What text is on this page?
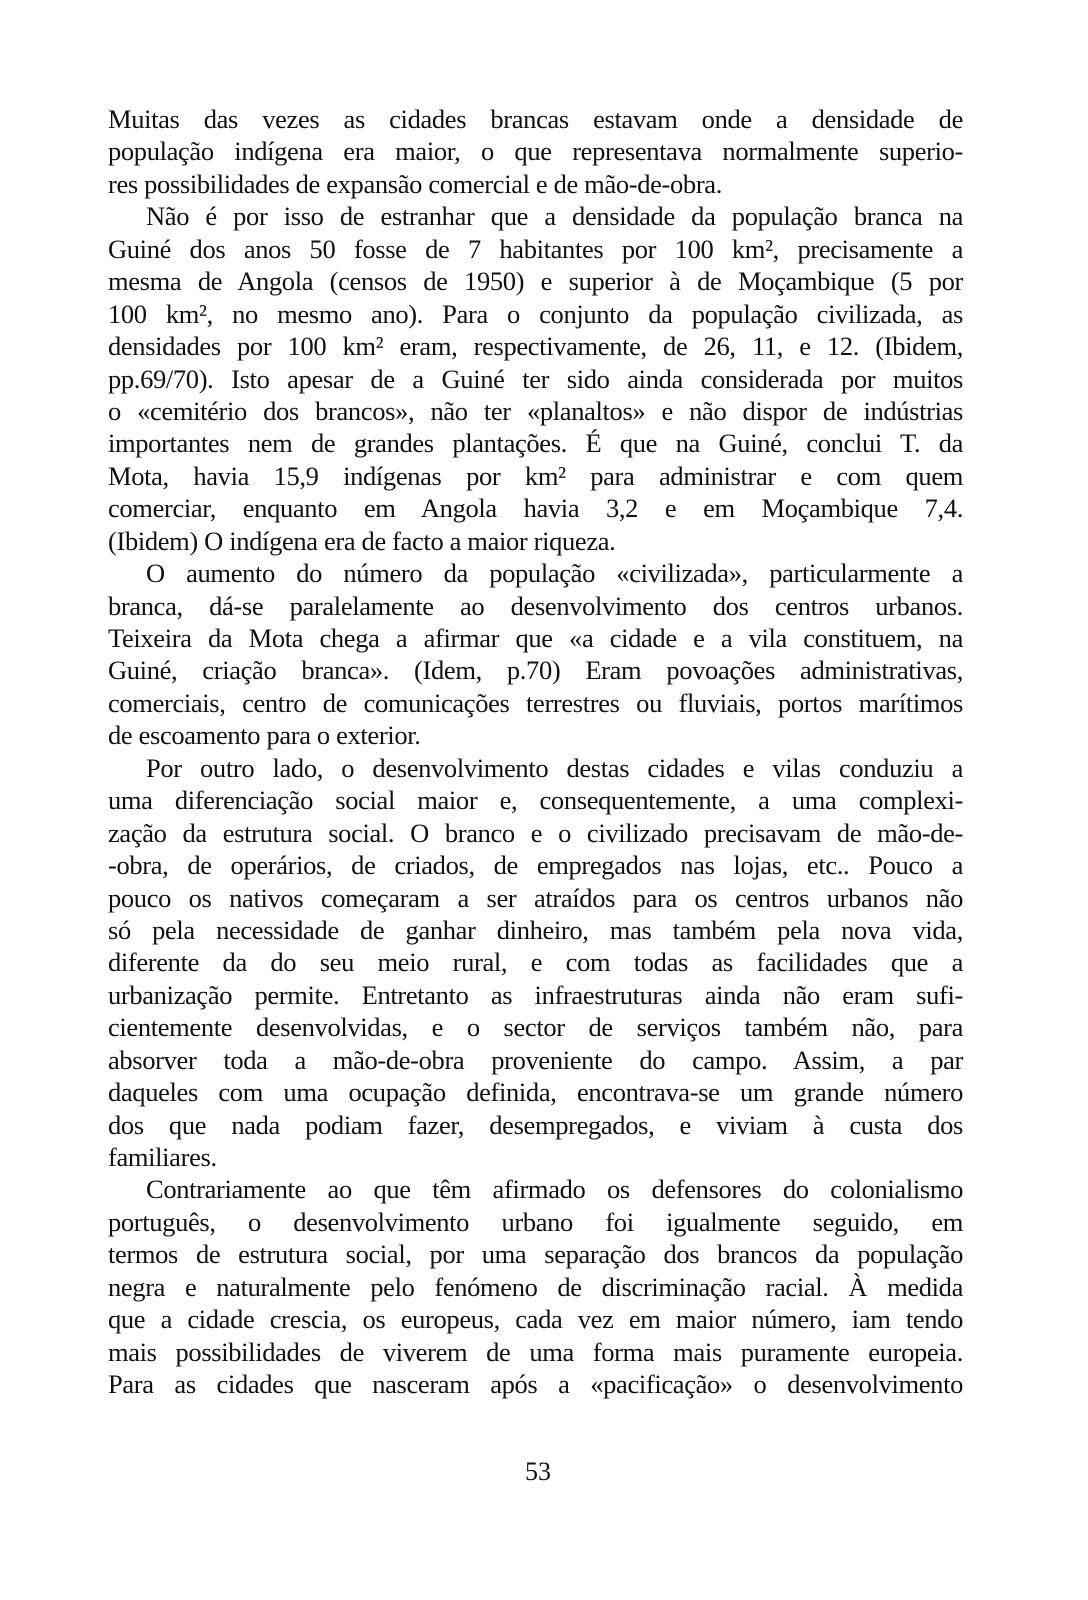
Muitas das vezes as cidades brancas estavam onde a densidade de
população indígena era maior, o que representava normalmente superio-
res possibilidades de expansão comercial e de mão-de-obra.
Não é por isso de estranhar que a densidade da população branca na
Guiné dos anos 50 fosse de 7 habitantes por 100 km², precisamente a
mesma de Angola (censos de 1950) e superior à de Moçambique (5 por
100 km², no mesmo ano). Para o conjunto da população civilizada, as
densidades por 100 km² eram, respectivamente, de 26, 11, e 12. (Ibidem,
pp.69/70). Isto apesar de a Guiné ter sido ainda considerada por muitos
o «cemitério dos brancos», não ter «planaltos» e não dispor de indústrias
importantes nem de grandes plantações. É que na Guiné, conclui T. da
Mota, havia 15,9 indígenas por km² para administrar e com quem
comerciar, enquanto em Angola havia 3,2 e em Moçambique 7,4.
(Ibidem) O indígena era de facto a maior riqueza.
O aumento do número da população «civilizada», particularmente a
branca, dá-se paralelamente ao desenvolvimento dos centros urbanos.
Teixeira da Mota chega a afirmar que «a cidade e a vila constituem, na
Guiné, criação branca». (Idem, p.70) Eram povoações administrativas,
comerciais, centro de comunicações terrestres ou fluviais, portos marítimos
de escoamento para o exterior.
Por outro lado, o desenvolvimento destas cidades e vilas conduziu a
uma diferenciação social maior e, consequentemente, a uma complexi-
zação da estrutura social. O branco e o civilizado precisavam de mão-de-
-obra, de operários, de criados, de empregados nas lojas, etc.. Pouco a
pouco os nativos começaram a ser atraídos para os centros urbanos não
só pela necessidade de ganhar dinheiro, mas também pela nova vida,
diferente da do seu meio rural, e com todas as facilidades que a
urbanização permite. Entretanto as infraestruturas ainda não eram sufi-
cientemente desenvolvidas, e o sector de serviços também não, para
absorver toda a mão-de-obra proveniente do campo. Assim, a par
daqueles com uma ocupação definida, encontrava-se um grande número
dos que nada podiam fazer, desempregados, e viviam à custa dos
familiares.
Contrariamente ao que têm afirmado os defensores do colonialismo
português, o desenvolvimento urbano foi igualmente seguido, em
termos de estrutura social, por uma separação dos brancos da população
negra e naturalmente pelo fenómeno de discriminação racial. À medida
que a cidade crescia, os europeus, cada vez em maior número, iam tendo
mais possibilidades de viverem de uma forma mais puramente europeia.
Para as cidades que nasceram após a «pacificação» o desenvolvimento
53
